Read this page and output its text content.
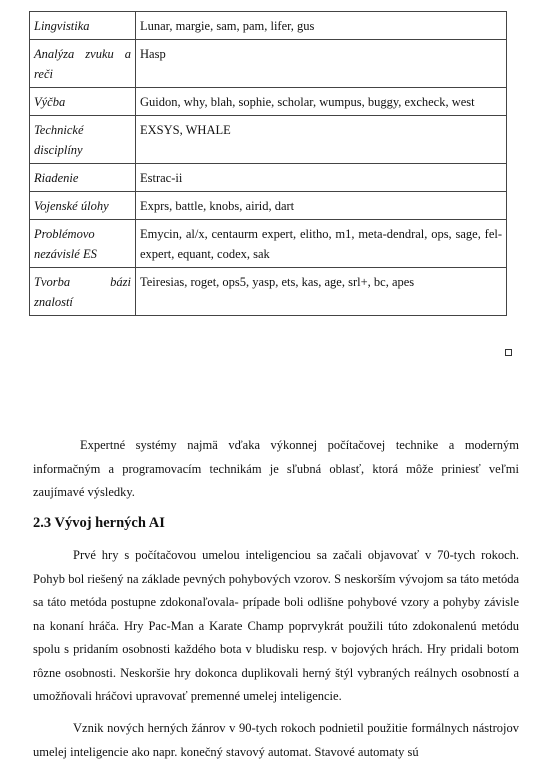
Lingvistika	Lunar, margie, sam, pam, lifer, gus
Analýza zvuku a reči	Hasp
Výčba	Guidon, why, blah, sophie, scholar, wumpus, buggy, excheck, west
Technické disciplíny	EXSYS, WHALE
Riadenie	Estrac-ii
Vojenské úlohy	Exprs, battle, knobs, airid, dart
Problémovo nezávislé ES	Emycin, al/x, centaurm expert, elitho, m1, meta-dendral, ops, sage, fel-expert, equant, codex, sak
Tvorba bázi znalostí	Teiresias, roget, ops5, yasp, ets, kas, age, srl+, bc, apes

Expertné systémy najmä vďaka výkonnej počítačovej technike a moderným informačným a programovacím technikám je sľubná oblasť, ktorá môže priniesť veľmi zaujímavé výsledky.

2.3 Vývoj herných AI

Prvé hry s počítačovou umelou inteligenciou sa začali objavovať v 70-tych rokoch. Pohyb bol riešený na základe pevných pohybových vzorov. S neskorším vývojom sa táto metóda sa táto metóda postupne zdokonaľovala- prípade boli odlišne pohybové vzory a pohyby závisle na konaní hráča. Hry Pac-Man a Karate Champ poprvykrát použili túto zdokonalenú metódu spolu s pridaním osobnosti každého bota v bludisku resp. v bojových hrách. Hry pridali botom rôzne osobnosti. Neskoršie hry dokonca duplikovali herný štýl vybraných reálnych osobností a umožňovali hráčovi upravovať premenné umelej inteligencie.

Vznik nových herných žánrov v 90-tych rokoch podnietil použitie formálnych nástrojov umelej inteligencie ako napr. konečný stavový automat. Stavové automaty sú
